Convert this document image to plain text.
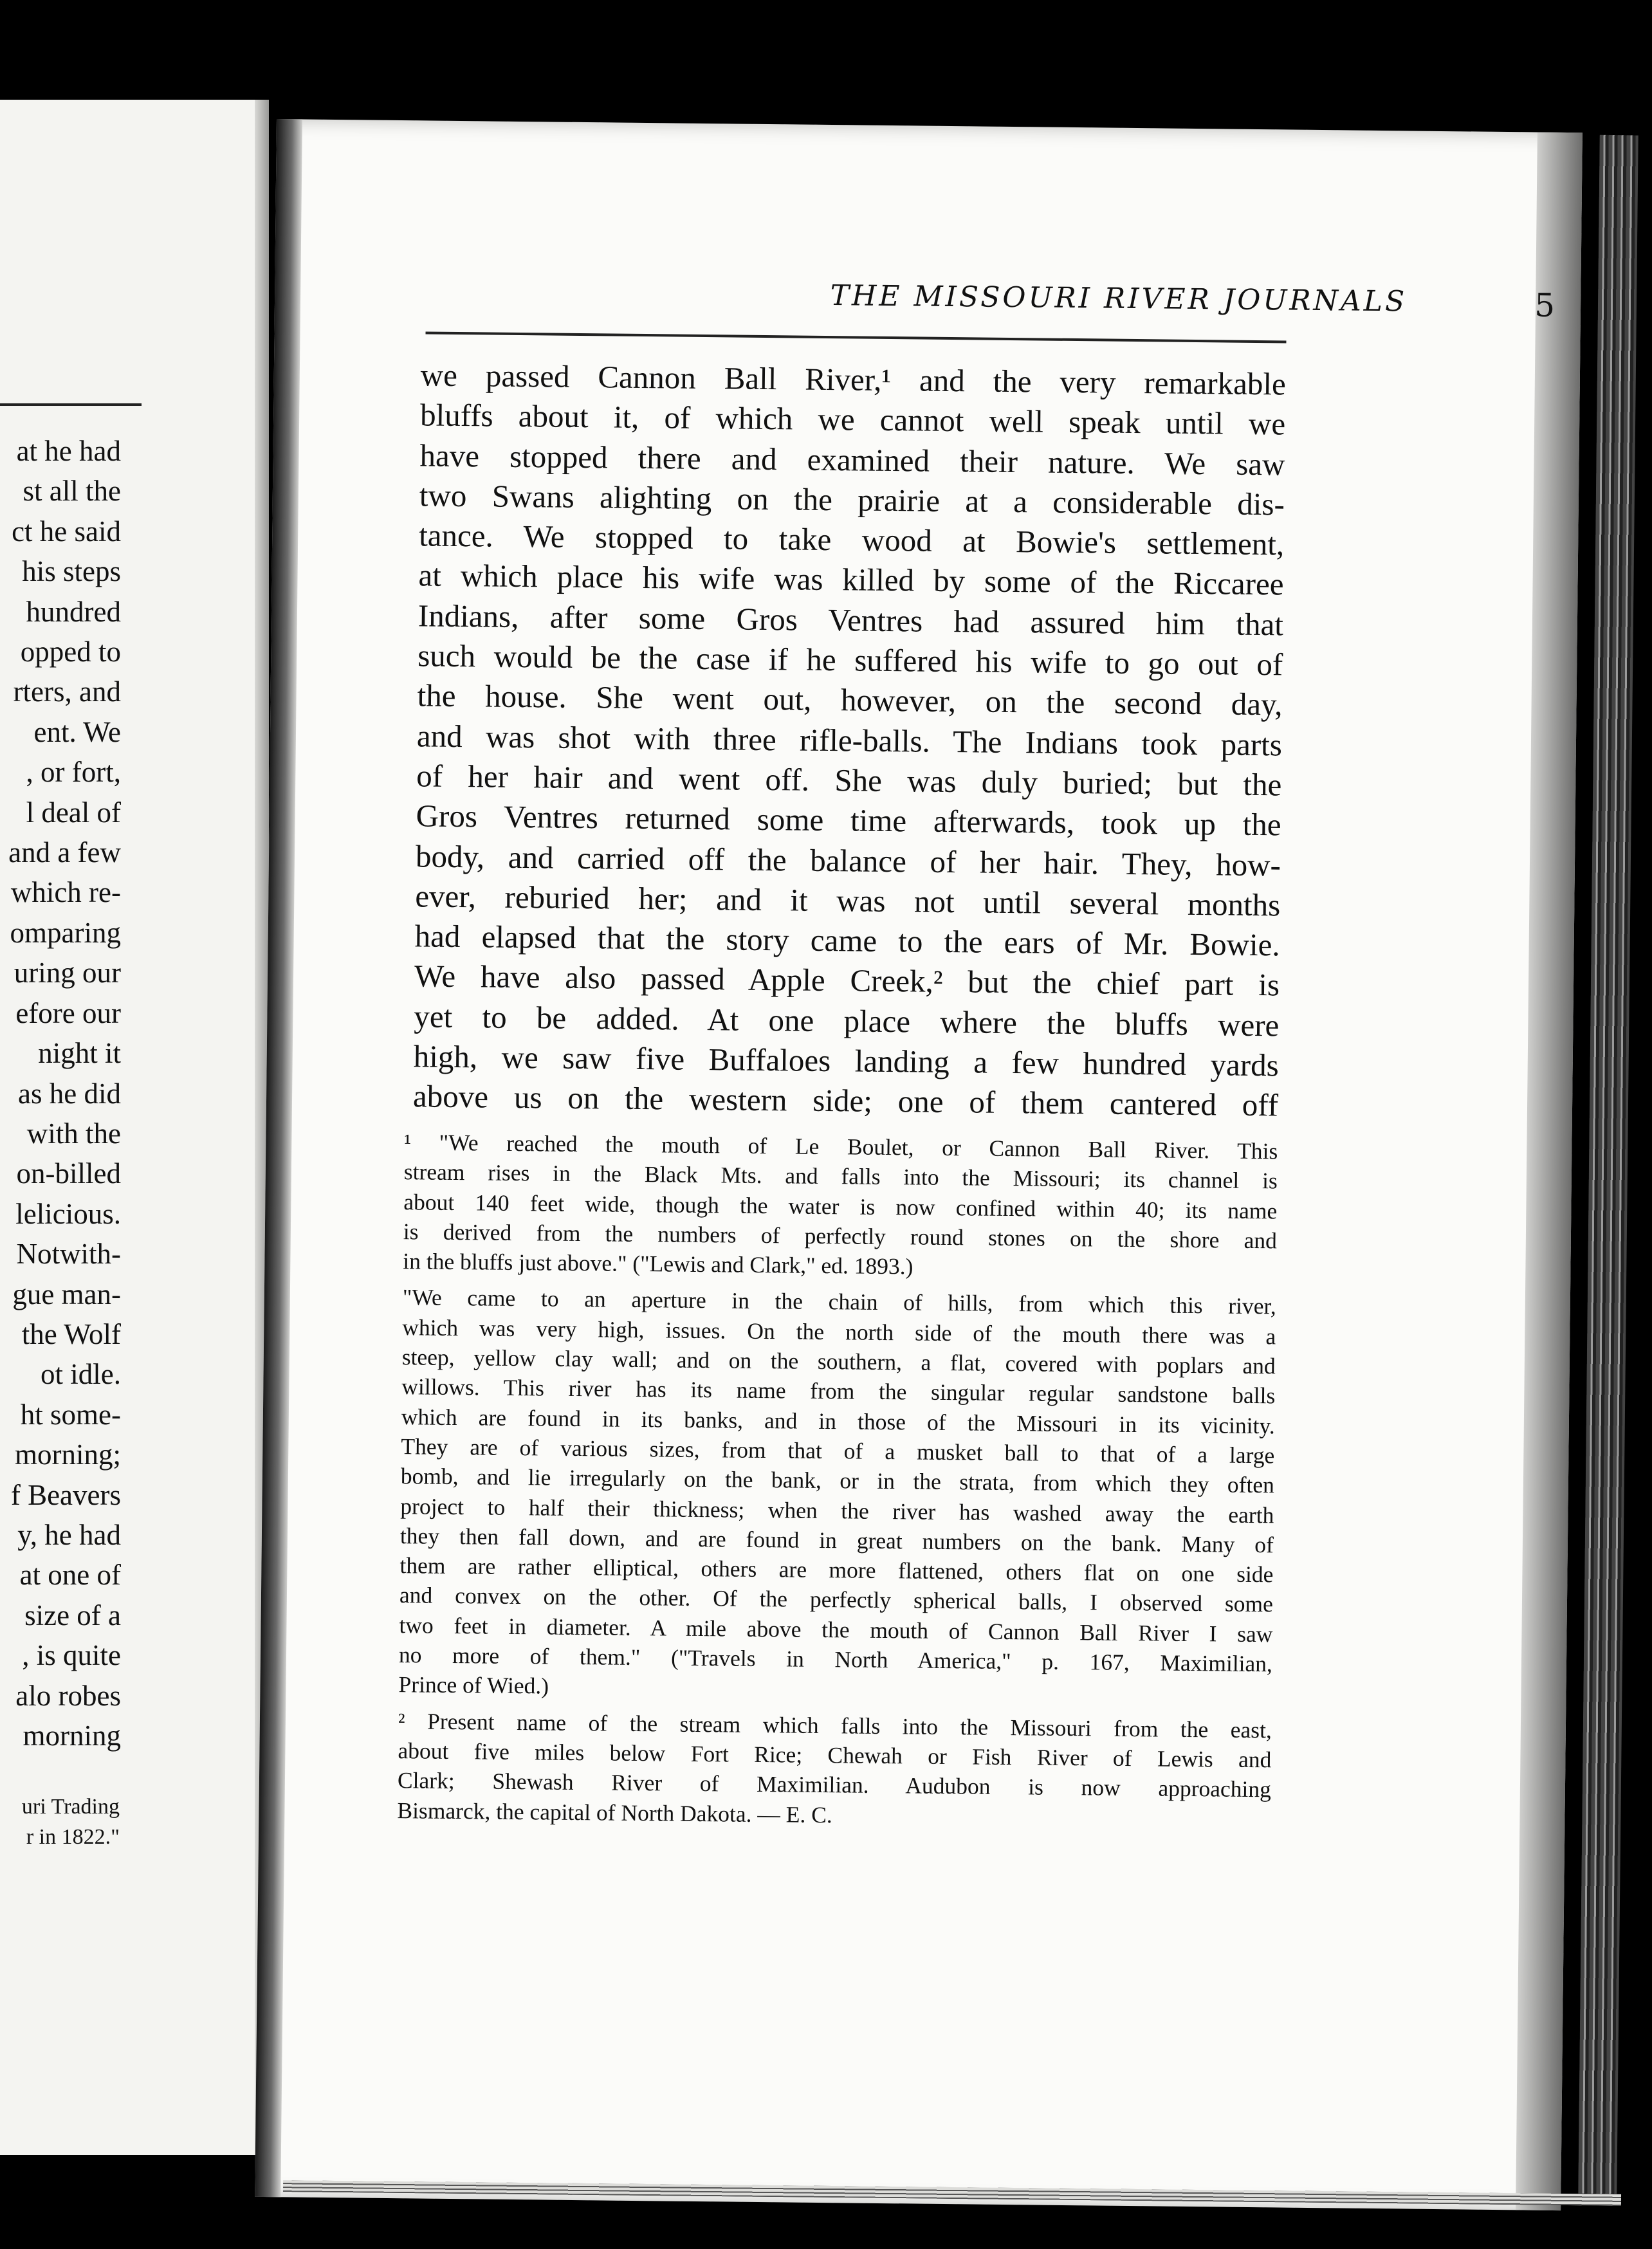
at he had
st all the
ct he said
his steps
hundred
opped to
rters, and
ent. We
, or fort,
l deal of
and a few
which re-
omparing
uring our
efore our
night it
as he did
with the
on-billed
lelicious.
Notwith-
gue man-
the Wolf
ot idle.
ht some-
morning;
f Beavers
y, he had
at one of
size of a
, is quite
alo robes
morning
uri Trading
r in 1822."
THE MISSOURI RIVER JOURNALS	5
we passed Cannon Ball River,¹ and the very remarkable
bluffs about it, of which we cannot well speak until we
have stopped there and examined their nature. We saw
two Swans alighting on the prairie at a considerable dis-
tance. We stopped to take wood at Bowie's settlement,
at which place his wife was killed by some of the Riccaree
Indians, after some Gros Ventres had assured him that
such would be the case if he suffered his wife to go out of
the house. She went out, however, on the second day,
and was shot with three rifle-balls. The Indians took parts
of her hair and went off. She was duly buried; but the
Gros Ventres returned some time afterwards, took up the
body, and carried off the balance of her hair. They, how-
ever, reburied her; and it was not until several months
had elapsed that the story came to the ears of Mr. Bowie.
We have also passed Apple Creek,² but the chief part is
yet to be added. At one place where the bluffs were
high, we saw five Buffaloes landing a few hundred yards
above us on the western side; one of them cantered off
¹ "We reached the mouth of Le Boulet, or Cannon Ball River. This
stream rises in the Black Mts. and falls into the Missouri; its channel is
about 140 feet wide, though the water is now confined within 40; its name
is derived from the numbers of perfectly round stones on the shore and
in the bluffs just above." ("Lewis and Clark," ed. 1893.)
"We came to an aperture in the chain of hills, from which this river,
which was very high, issues. On the north side of the mouth there was a
steep, yellow clay wall; and on the southern, a flat, covered with poplars and
willows. This river has its name from the singular regular sandstone balls
which are found in its banks, and in those of the Missouri in its vicinity.
They are of various sizes, from that of a musket ball to that of a large
bomb, and lie irregularly on the bank, or in the strata, from which they often
project to half their thickness; when the river has washed away the earth
they then fall down, and are found in great numbers on the bank. Many of
them are rather elliptical, others are more flattened, others flat on one side
and convex on the other. Of the perfectly spherical balls, I observed some
two feet in diameter. A mile above the mouth of Cannon Ball River I saw
no more of them." ("Travels in North America," p. 167, Maximilian,
Prince of Wied.)
² Present name of the stream which falls into the Missouri from the east,
about five miles below Fort Rice; Chewah or Fish River of Lewis and
Clark; Shewash River of Maximilian. Audubon is now approaching
Bismarck, the capital of North Dakota. — E. C.
